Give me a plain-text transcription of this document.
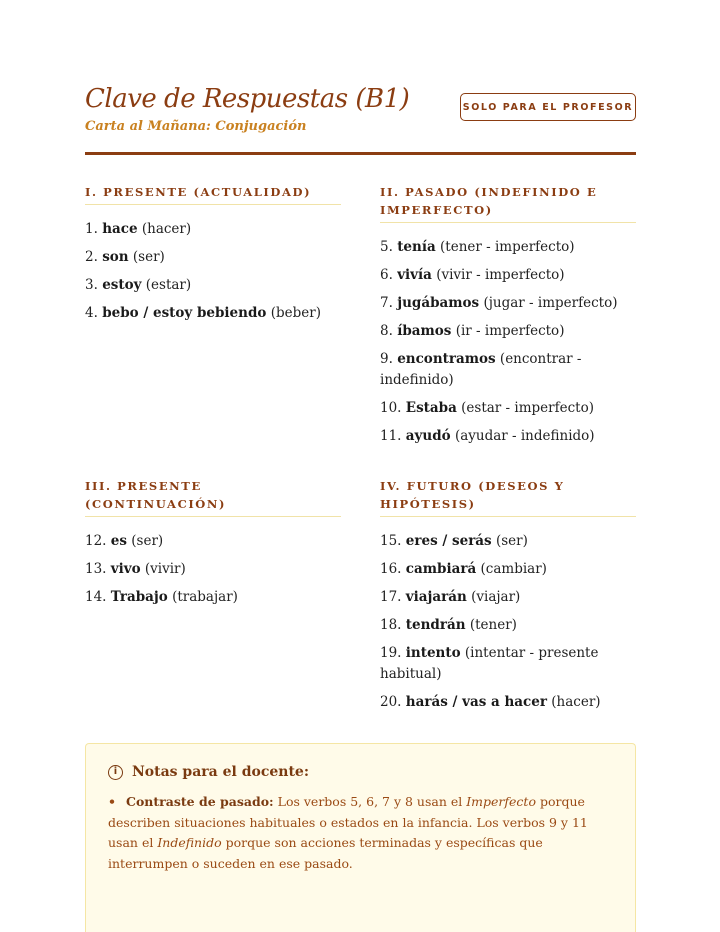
Clave de Respuestas (B1)
Carta al Mañana: Conjugación
SOLO PARA EL PROFESOR
I. PRESENTE (ACTUALIDAD)
1. hace (hacer)
2. son (ser)
3. estoy (estar)
4. bebo / estoy bebiendo (beber)
II. PASADO (INDEFINIDO E IMPERFECTO)
5. tenía (tener - imperfecto)
6. vivía (vivir - imperfecto)
7. jugábamos (jugar - imperfecto)
8. íbamos (ir - imperfecto)
9. encontramos (encontrar - indefinido)
10. Estaba (estar - imperfecto)
11. ayudó (ayudar - indefinido)
III. PRESENTE (CONTINUACIÓN)
12. es (ser)
13. vivo (vivir)
14. Trabajo (trabajar)
IV. FUTURO (DESEOS Y HIPÓTESIS)
15. eres / serás (ser)
16. cambiará (cambiar)
17. viajarán (viajar)
18. tendrán (tener)
19. intento (intentar - presente habitual)
20. harás / vas a hacer (hacer)
i	Notas para el docente:
• Contraste de pasado: Los verbos 5, 6, 7 y 8 usan el Imperfecto porque describen situaciones habituales o estados en la infancia. Los verbos 9 y 11 usan el Indefinido porque son acciones terminadas y específicas que interrumpen o suceden en ese pasado.
